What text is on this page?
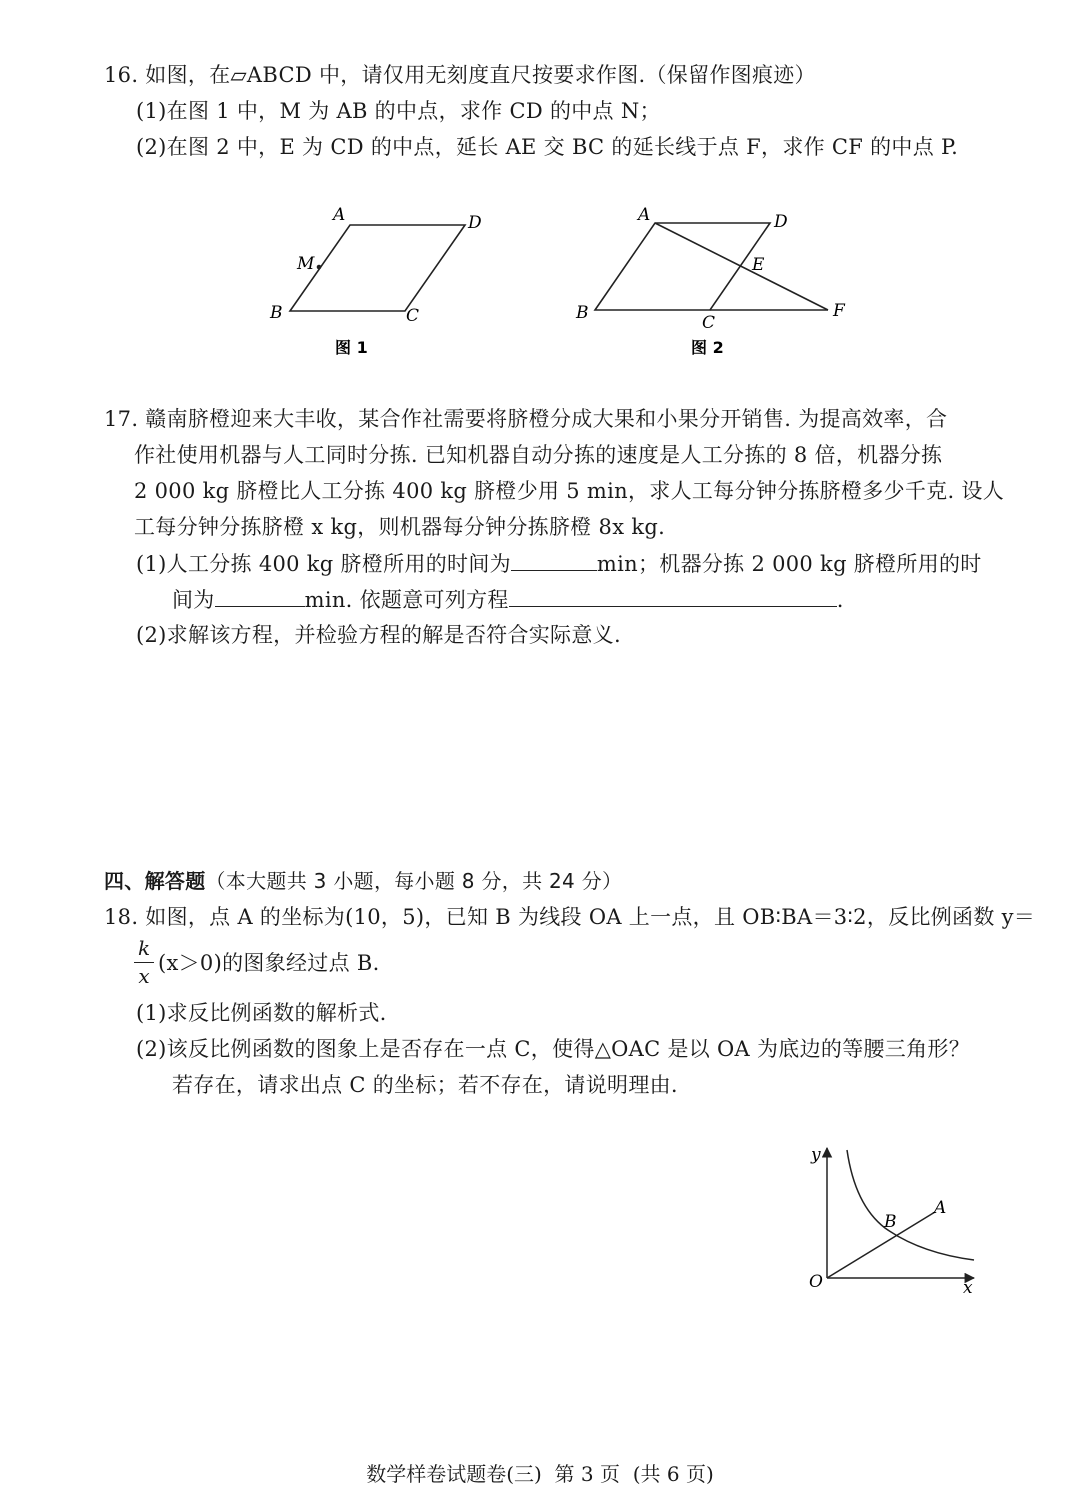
16. 如图，在▱ABCD 中，请仅用无刻度直尺按要求作图.（保留作图痕迹）
(1)在图 1 中，M 为 AB 的中点，求作 CD 的中点 N；
(2)在图 2 中，E 为 CD 的中点，延长 AE 交 BC 的延长线于点 F，求作 CF 的中点 P.
A	D
M
B	C
图 1
A	D
E
B	C
F
图 2
17. 赣南脐橙迎来大丰收，某合作社需要将脐橙分成大果和小果分开销售. 为提高效率，合
作社使用机器与人工同时分拣. 已知机器自动分拣的速度是人工分拣的 8 倍，机器分拣
2 000 kg 脐橙比人工分拣 400 kg 脐橙少用 5 min，求人工每分钟分拣脐橙多少千克. 设人
工每分钟分拣脐橙 x kg，则机器每分钟分拣脐橙 8x kg.
(1)人工分拣 400 kg 脐橙所用的时间为	min；机器分拣 2 000 kg 脐橙所用的时
间为	min. 依题意可列方程	.
(2)求解该方程，并检验方程的解是否符合实际意义.
四、解答题（本大题共 3 小题，每小题 8 分，共 24 分）
18. 如图，点 A 的坐标为(10，5)，已知 B 为线段 OA 上一点，且 OB∶BA＝3∶2，反比例函数 y＝
k
x
(x＞0)的图象经过点 B.
(1)求反比例函数的解析式.
(2)该反比例函数的图象上是否存在一点 C，使得△OAC 是以 OA 为底边的等腰三角形？
若存在，请求出点 C 的坐标；若不存在，请说明理由.
y
x
O
A
B
数学样卷试题卷(三)  第 3 页  (共 6 页)
